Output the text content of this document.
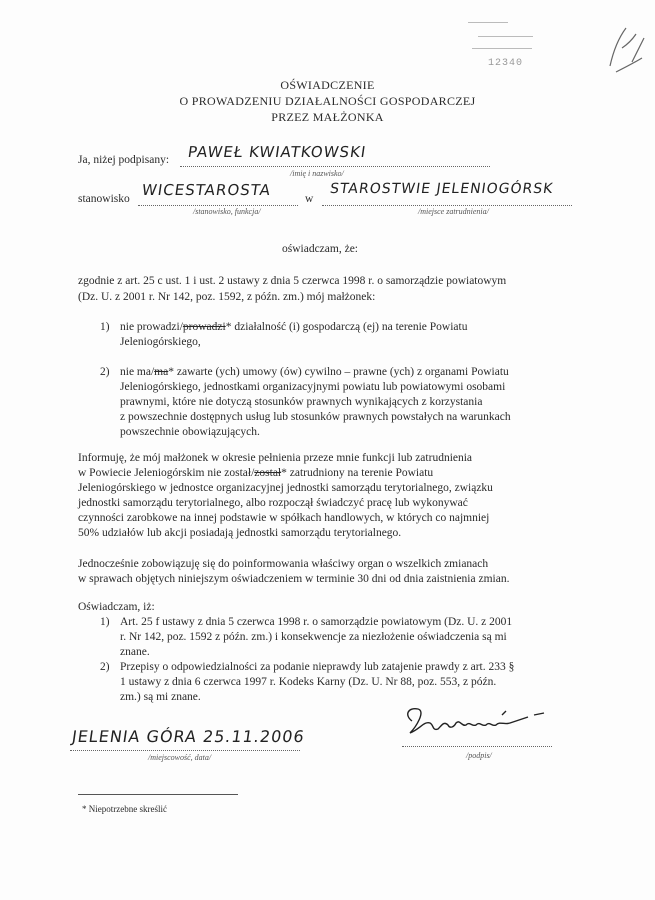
12340
OŚWIADCZENIE
O PROWADZENIU DZIAŁALNOŚCI GOSPODARCZEJ
PRZEZ MAŁŻONKA
Ja, niżej podpisany: PAWEŁ KWIATKOWSKI
/imię i nazwisko/
stanowisko WICESTAROSTA
/stanowisko, funkcja/
w
STAROSTWIE JELENIOGÓRSK
/miejsce zatrudnienia/
oświadczam, że:
zgodnie z art. 25 c ust. 1 i ust. 2 ustawy z dnia 5 czerwca 1998 r. o samorządzie powiatowym
(Dz. U. z 2001 r. Nr 142, poz. 1592, z późn. zm.) mój małżonek:
1) nie prowadzi/prowadzi* działalność (i) gospodarczą (ej) na terenie Powiatu
Jeleniogórskiego,
2) nie ma/ma* zawarte (ych) umowy (ów) cywilno – prawne (ych) z organami Powiatu
Jeleniogórskiego, jednostkami organizacyjnymi powiatu lub powiatowymi osobami
prawnymi, które nie dotyczą stosunków prawnych wynikających z korzystania
z powszechnie dostępnych usług lub stosunków prawnych powstałych na warunkach
powszechnie obowiązujących.
Informuję, że mój małżonek w okresie pełnienia przeze mnie funkcji lub zatrudnienia
w Powiecie Jeleniogórskim nie został/został* zatrudniony na terenie Powiatu
Jeleniogórskiego w jednostce organizacyjnej jednostki samorządu terytorialnego, związku
jednostki samorządu terytorialnego, albo rozpoczął świadczyć pracę lub wykonywać
czynności zarobkowe na innej podstawie w spółkach handlowych, w których co najmniej
50% udziałów lub akcji posiadają jednostki samorządu terytorialnego.
Jednocześnie zobowiązuję się do poinformowania właściwy organ o wszelkich zmianach
w sprawach objętych niniejszym oświadczeniem w terminie 30 dni od dnia zaistnienia zmian.
Oświadczam, iż:
1) Art. 25 f ustawy z dnia 5 czerwca 1998 r. o samorządzie powiatowym (Dz. U. z 2001
r. Nr 142, poz. 1592 z późn. zm.) i konsekwencje za niezłożenie oświadczenia są mi
znane.
2) Przepisy o odpowiedzialności za podanie nieprawdy lub zatajenie prawdy z art. 233 §
1 ustawy z dnia 6 czerwca 1997 r. Kodeks Karny (Dz. U. Nr 88, poz. 553, z późn.
zm.) są mi znane.
JELENIA GÓRA 25.11.2006
/miejscowość, data/	/podpis/
* Niepotrzebne skreślić
